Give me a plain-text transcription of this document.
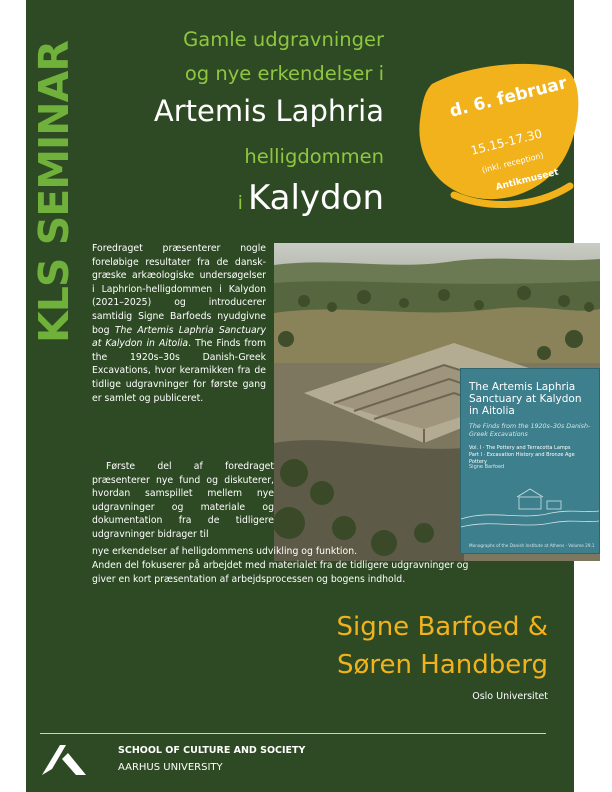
KLS SEMINAR
Gamle udgravninger
og nye erkendelser i
Artemis Laphria
helligdommen
i Kalydon
d. 6. februar
15.15-17.30
(inkl. reception)
Antikmuseet
The Artemis Laphria Sanctuary at Kalydon in Aitolia
The Finds from the 1920s–30s Danish-Greek Excavations
Vol. I · The Pottery and Terracotta Lamps
Part I · Excavation History and Bronze Age Pottery
Signe Barfoed
Monographs of the Danish Institute at Athens · Volume 29.1
Foredraget præsenterer nogle foreløbige resultater fra de dansk-græske arkæologiske undersøgelser i Laphrion-helligdommen i Kalydon (2021–2025) og introducerer samtidig Signe Barfoeds nyudgivne bog The Artemis Laphria Sanctuary at Kalydon in Aitolia. The Finds from the 1920s–30s Danish-Greek Excavations, hvor keramikken fra de tidlige udgravninger for første gang er samlet og publiceret.
Første del af foredraget præsenterer nye fund og diskuterer, hvordan samspillet mellem nye udgravninger og materiale og dokumentation fra de tidligere udgravninger bidrager til
nye erkendelser af helligdommens udvikling og funktion.
Anden del fokuserer på arbejdet med materialet fra de tidligere udgravninger og
giver en kort præsentation af arbejdsprocessen og bogens indhold.
Signe Barfoed &
Søren Handberg
Oslo Universitet
SCHOOL OF CULTURE AND SOCIETY
AARHUS UNIVERSITY
